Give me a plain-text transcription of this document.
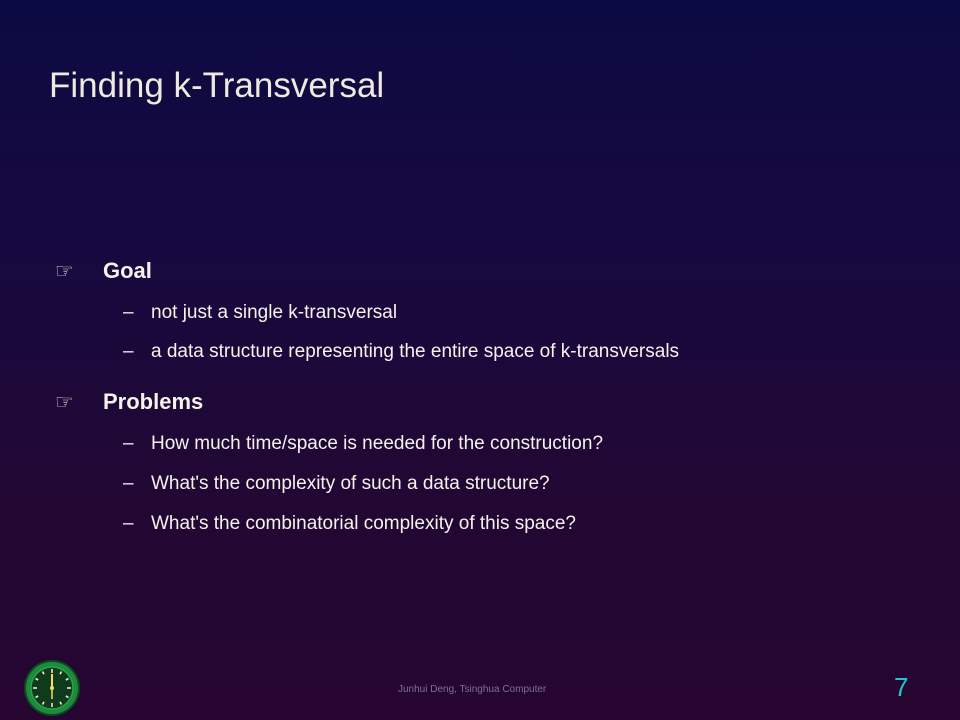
Finding k-Transversal
☞ Goal
– not just a single k-transversal
– a data structure representing the entire space of k-transversals
☞ Problems
– How much time/space is needed for the construction?
– What's the complexity of such a data structure?
– What's the combinatorial complexity of this space?
Junhui Deng, Tsinghua Computer	7
